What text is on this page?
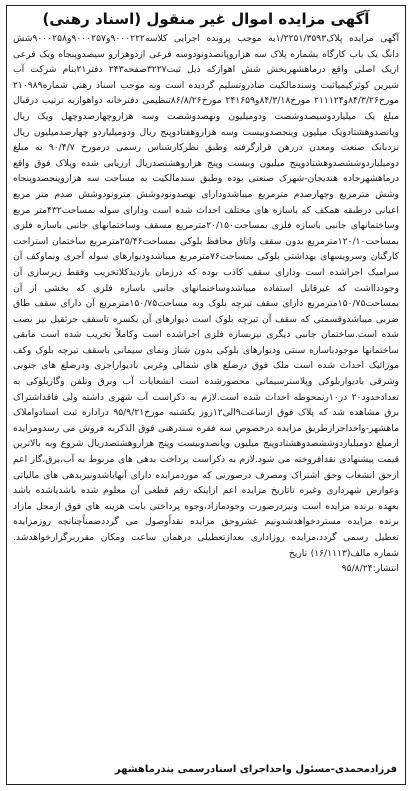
آگهی مزایده اموال غیر منقول (اسناد رهنی)

آگهی مزایده پلاک۱/۲۲۵۱/۳۵۹۳به موجب پرونده اجرایی کلاسه۹۰۰۰۲۲۲و۹۰۰۰۲۵۷و۹۰۰۰۲۵۸شش دانگ یک باب کارگاه بشماره پلاک سه هزاروپانصدونودوسه فرعی ازدوهزارو سیصدوپنجاه ویک فرعی ازیک اصلی واقع درماهشهربخش شش اهوازکه ذیل ثبت۳۲۲۷صفحه۲۴۳ دفتر۲۱بنام شرکت آب شیرین کوثرکیمیاثبت وسندمالکیت صادروتسلیم گردیده است وبه موجب اسناد رهنی شماره۲۱۰۹۸۹ مورخ۸۴/۳/۲۶و۲۱۱۱۲۴ مورخ۸۴/۳/۱۸و۲۴۱۶۵۹ مورخ۸۶/۸/۲۶تنظیمی دفترخانه دواهوازبه ترتیب درقبال مبلغ یک میلیاردوسیصدوشصت ودومیلیون ونهصدوشصت وسه هزاروچهارصدوچهل ویک ریال وپانصدوهشتادویک میلیون وپنجصدوبیست وسه هزاروهفتادوپنج ریال ودومیلیاردو چهارصدمیلیون ریال نزدبانک صنعت ومعدن دررهن قرارگرفته وطبق نظرکارشناس رسمی درمورخ ۹۰/۴/۷ به مبلغ دومیلیاردوششصدوهشتادوپنج میلیون وبیست وپنج هزاروهشتصدریال ارزیابی شده وپلاک فوق واقع درماهشهرجاده هندیجان-شهرک صنعتی بوده وطبق سندمالکیت به مساحت سه هزاروپنجصدوپنجاه وشش مترمربع وچهارصدم مترمربع میباشدودارای نهصدونودوشش مترونودوشش صدم متر مربع اعیانی درطبقه همکف که باسازه های مختلف احداث شده است ودارای سوله بمساحت۴۳۲متر مربع وساختمانهای جانبی باسازه فلزی بمساحت۲۰/۱۵۰مترمربع مسقف وساختمانهای جانبی باسازه فلزی بمساحت۱۲۰/۱۰مترمربع بدون سقف واتاق محافظ بلوکی بمساحت۲۵/۴۶مترمربع ساختمان استراحت کارگنان وسرویسهای بهداشتی بلوکی بمساحت۷۶مترمربع میباشدودیوارهای سوله آجری ونماوکف آن سرامیک اجراشده است ودارای سقف کاذب بوده که درزمان بازدیدکلاتخریب وفقط زیرسازی آن وجوددااشت که غیرقابل استفاده میباشدوساختمانهای جانبی باسازه فلزی که بخشی از آن بمساحت۱۵۰/۷۵مترمربع دارای سقف تیرچه بلوک وبه مساحت۱۵۰/۷۵مترمربع آن دارای سقف طاق ضربی میباشدوقسمتی که سقف آن تیرچه بلوک است دیوارهای آن یکسره تاسقف جرثقیل نیز نصب شده است.ساختمان جانبی دیگری نیزبسازه فلزی اجراشده است وکاملاً تخریب شده است مابقی ساختمانها موجودباسازه سنتی ودیوارهای بلوکی بدون شناژ ونمای سیمانی باسقف تیرچه بلوک وکف موزائیک احداث شده است ملک فوق درضلع های شمالی وغربی بادیواراجری ودرضلع های جنوبی وشرقی بادیواربلوکی وپلاسترسیمانی محصورشده است انشعابات آب وبرق وتلفن وگازبلوکی به تعدادحدود۲۰ در۱۰رنمحوطه احداث شده است.لازم به ذکراست آب شهری داشته ولی فاقداشتراک برق مشاهده شد که پلاک فوق ازساعت۹الی۱۲روز یکشنبه مورخ۹۵/۹/۲۱ دراداره ثبت اسنادواملاک ماهشهر-واحداجرازطریق مزایده درخصوص سه فقره سندرهنی فوق الذکربه فروش می رسدومزایده ازمبلغ دومیلیاردوششصدوهشتادوپنج میلیون وپانصدوبیست وپنج هزاروهشتصدریال شروع وبه بالاترین قیمت پیشنهادی نقدافروخته می شود.لازم به ذکراست پرداخت بدهی های مربوط به آب،برق،گاز اعم ازحق انشعاب وحق اشتراک ومصرف درصورتی که موردمزایده دارای آنهاباشدونیزبدهی های مالیاتی وعوارض شهرداری وغیره تاتاریخ مزایده اعم ازاینکه رقم قطعی آن معلوم شده باشدیاشده باشد بعهده برنده مزایده است ونیزدرصورت وجودمازاد،وجوه پرداختی بابت هزینه های فوق ازمحل مازاد برنده مزایده مستردخواهدشدونیم عشروحق مزایده نقداًوصول می گرددضمناًچنانچه روزمزایده تعطیل رسمی گردد،مزایده روزاداری بعدازتعطیلی درهمان ساعت ومکان مقرربرگزارخواهدشد. شماره مالف(۱۶/۱۱۱۳) تاریخ

انتشار:۹۵/۸/۲۴

فرزادمحمدی-مسئول واحداجرای اسنادرسمی بندرماهشهر
